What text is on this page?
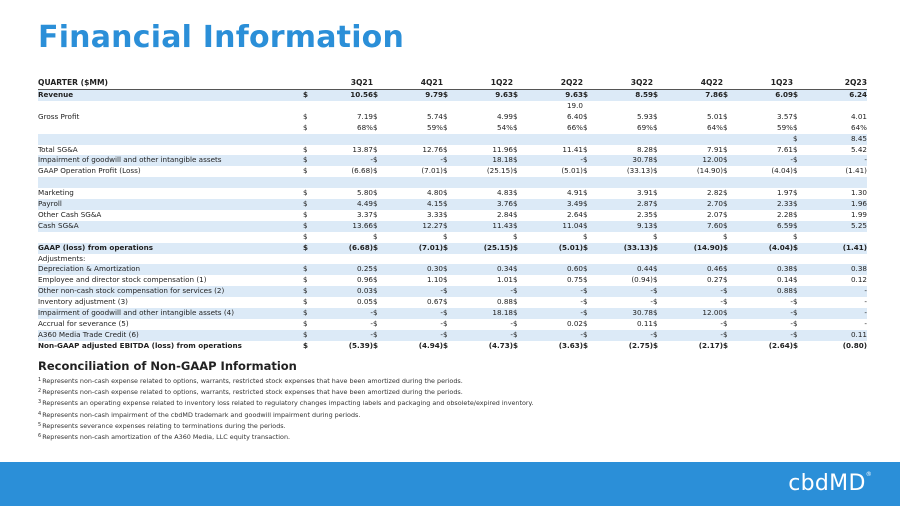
Financial Information
QUARTER ($MM)	3Q21		4Q21		1Q22		2Q22		3Q22		4Q22		1Q23		2Q23	
Revenue	$	10.56	$	9.79	$	9.63	$	9.63	$	8.59	$	7.86	$	6.09	$	6.24
								19.0								
Gross Profit	$	7.19	$	5.74	$	4.99	$	6.40	$	5.93	$	5.01	$	3.57	$	4.01
	$	68%	$	59%	$	54%	$	66%	$	69%	$	64%	$	59%	$	64%
															$	8.45
Total SG&A	$	13.87	$	12.76	$	11.96	$	11.41	$	8.28	$	7.91	$	7.61	$	5.42
Impairment of goodwill and other intangible assets	$	-	$	-	$	18.18	$	-	$	30.78	$	12.00	$	-	$	-
GAAP Operation Profit (Loss)	$	(6.68)	$	(7.01)	$	(25.15)	$	(5.01)	$	(33.13)	$	(14.90)	$	(4.04)	$	(1.41)

Marketing	$	5.80	$	4.80	$	4.83	$	4.91	$	3.91	$	2.82	$	1.97	$	1.30
Payroll	$	4.49	$	4.15	$	3.76	$	3.49	$	2.87	$	2.70	$	2.33	$	1.96
Other Cash SG&A	$	3.37	$	3.33	$	2.84	$	2.64	$	2.35	$	2.07	$	2.28	$	1.99
Cash SG&A	$	13.66	$	12.27	$	11.43	$	11.04	$	9.13	$	7.60	$	6.59	$	5.25
	$		$		$		$		$		$		$		$	
GAAP (loss) from operations	$	(6.68)	$	(7.01)	$	(25.15)	$	(5.01)	$	(33.13)	$	(14.90)	$	(4.04)	$	(1.41)
Adjustments:																
Depreciation & Amortization	$	0.25	$	0.30	$	0.34	$	0.60	$	0.44	$	0.46	$	0.38	$	0.38
Employee and director stock compensation (1)	$	0.96	$	1.10	$	1.01	$	0.75	$	(0.94)	$	0.27	$	0.14	$	0.12
Other non-cash stock compensation for services (2)	$	0.03	$	-	$	-	$	-	$	-	$	-	$	0.88	$	-
Inventory adjustment (3)	$	0.05	$	0.67	$	0.88	$	-	$	-	$	-	$	-	$	-
Impairment of goodwill and other intangible assets (4)	$	-	$	-	$	18.18	$	-	$	30.78	$	12.00	$	-	$	-
Accrual for severance (5)	$	-	$	-	$	-	$	0.02	$	0.11	$	-	$	-	$	-
A360 Media Trade Credit (6)	$	-	$	-	$	-	$	-	$	-	$	-	$	-	$	0.11
Non-GAAP adjusted EBITDA (loss) from operations	$	(5.39)	$	(4.94)	$	(4.73)	$	(3.63)	$	(2.75)	$	(2.17)	$	(2.64)	$	(0.80)
Reconciliation of Non-GAAP Information
$^1$Represents non-cash expense related to options, warrants, restricted stock expenses that have been amortized during the periods.
$^2$Represents non-cash expense related to options, warrants, restricted stock expenses that have been amortized during the periods.
$^3$Represents an operating expense related to inventory loss related to regulatory changes impacting labels and packaging and obsolete/expired inventory.
$^4$Represents non-cash impairment of the cbdMD trademark and goodwill impairment during periods.
$^5$Represents severance expenses relating to terminations during the periods.
$^6$Represents non-cash amortization of the A360 Media, LLC equity transaction.
cbdMD®
